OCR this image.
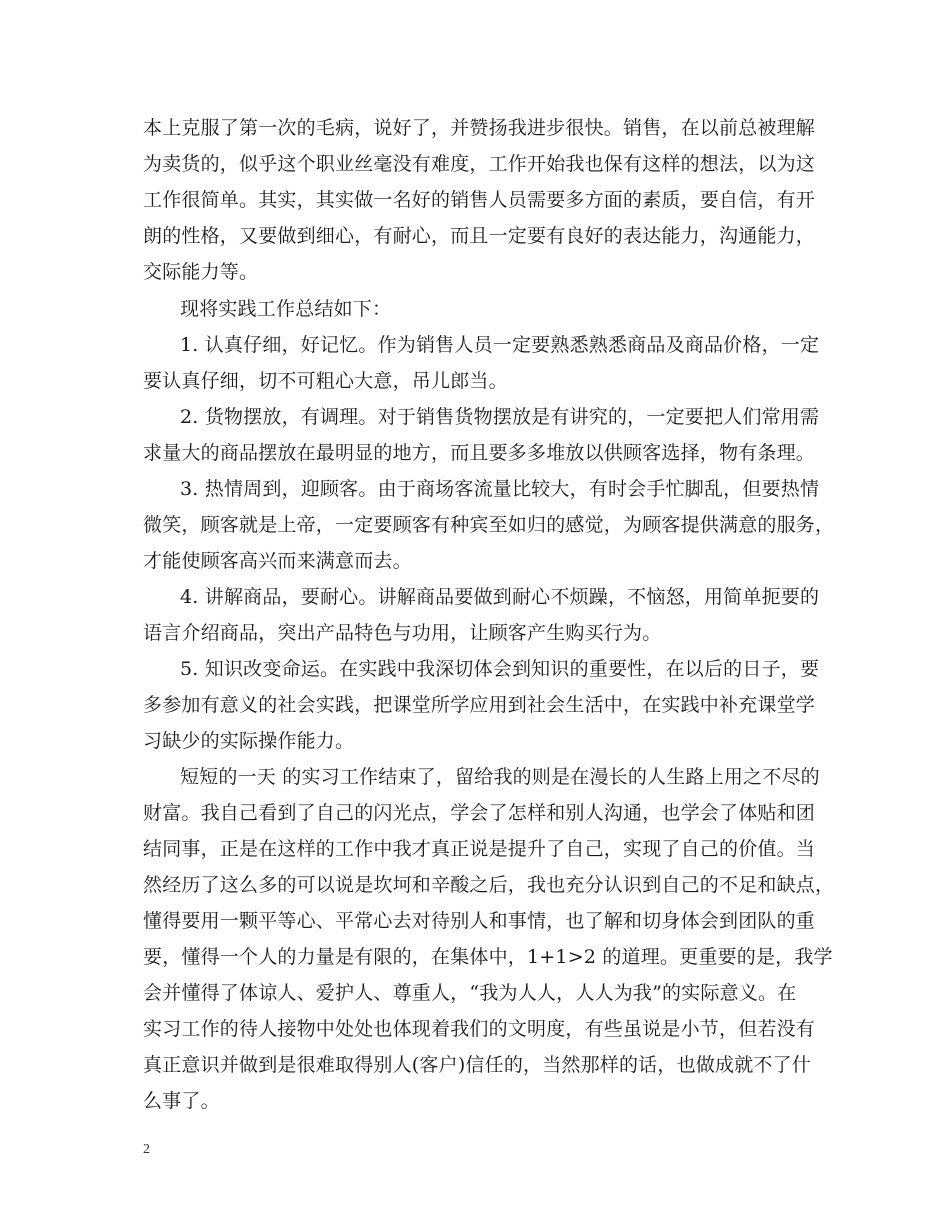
本上克服了第一次的毛病，说好了，并赞扬我进步很快。销售，在以前总被理解
为卖货的，似乎这个职业丝毫没有难度，工作开始我也保有这样的想法，以为这
工作很简单。其实，其实做一名好的销售人员需要多方面的素质，要自信，有开
朗的性格，又要做到细心，有耐心，而且一定要有良好的表达能力，沟通能力，
交际能力等。
现将实践工作总结如下：
1. 认真仔细，好记忆。作为销售人员一定要熟悉熟悉商品及商品价格，一定
要认真仔细，切不可粗心大意，吊儿郎当。
2. 货物摆放，有调理。对于销售货物摆放是有讲究的，一定要把人们常用需
求量大的商品摆放在最明显的地方，而且要多多堆放以供顾客选择，物有条理。
3. 热情周到，迎顾客。由于商场客流量比较大，有时会手忙脚乱，但要热情
微笑，顾客就是上帝，一定要顾客有种宾至如归的感觉，为顾客提供满意的服务，
才能使顾客高兴而来满意而去。
4. 讲解商品，要耐心。讲解商品要做到耐心不烦躁，不恼怒，用简单扼要的
语言介绍商品，突出产品特色与功用，让顾客产生购买行为。
5. 知识改变命运。在实践中我深切体会到知识的重要性，在以后的日子，要
多参加有意义的社会实践，把课堂所学应用到社会生活中，在实践中补充课堂学
习缺少的实际操作能力。
短短的一天 的实习工作结束了，留给我的则是在漫长的人生路上用之不尽的
财富。我自己看到了自己的闪光点，学会了怎样和别人沟通，也学会了体贴和团
结同事，正是在这样的工作中我才真正说是提升了自己，实现了自己的价值。当
然经历了这么多的可以说是坎坷和辛酸之后，我也充分认识到自己的不足和缺点，
懂得要用一颗平等心、平常心去对待别人和事情，也了解和切身体会到团队的重
要，懂得一个人的力量是有限的，在集体中，1+1>2 的道理。更重要的是，我学
会并懂得了体谅人、爱护人、尊重人，“我为人人，人人为我”的实际意义。在
实习工作的待人接物中处处也体现着我们的文明度，有些虽说是小节，但若没有
真正意识并做到是很难取得别人(客户)信任的，当然那样的话，也做成就不了什
么事了。
2
